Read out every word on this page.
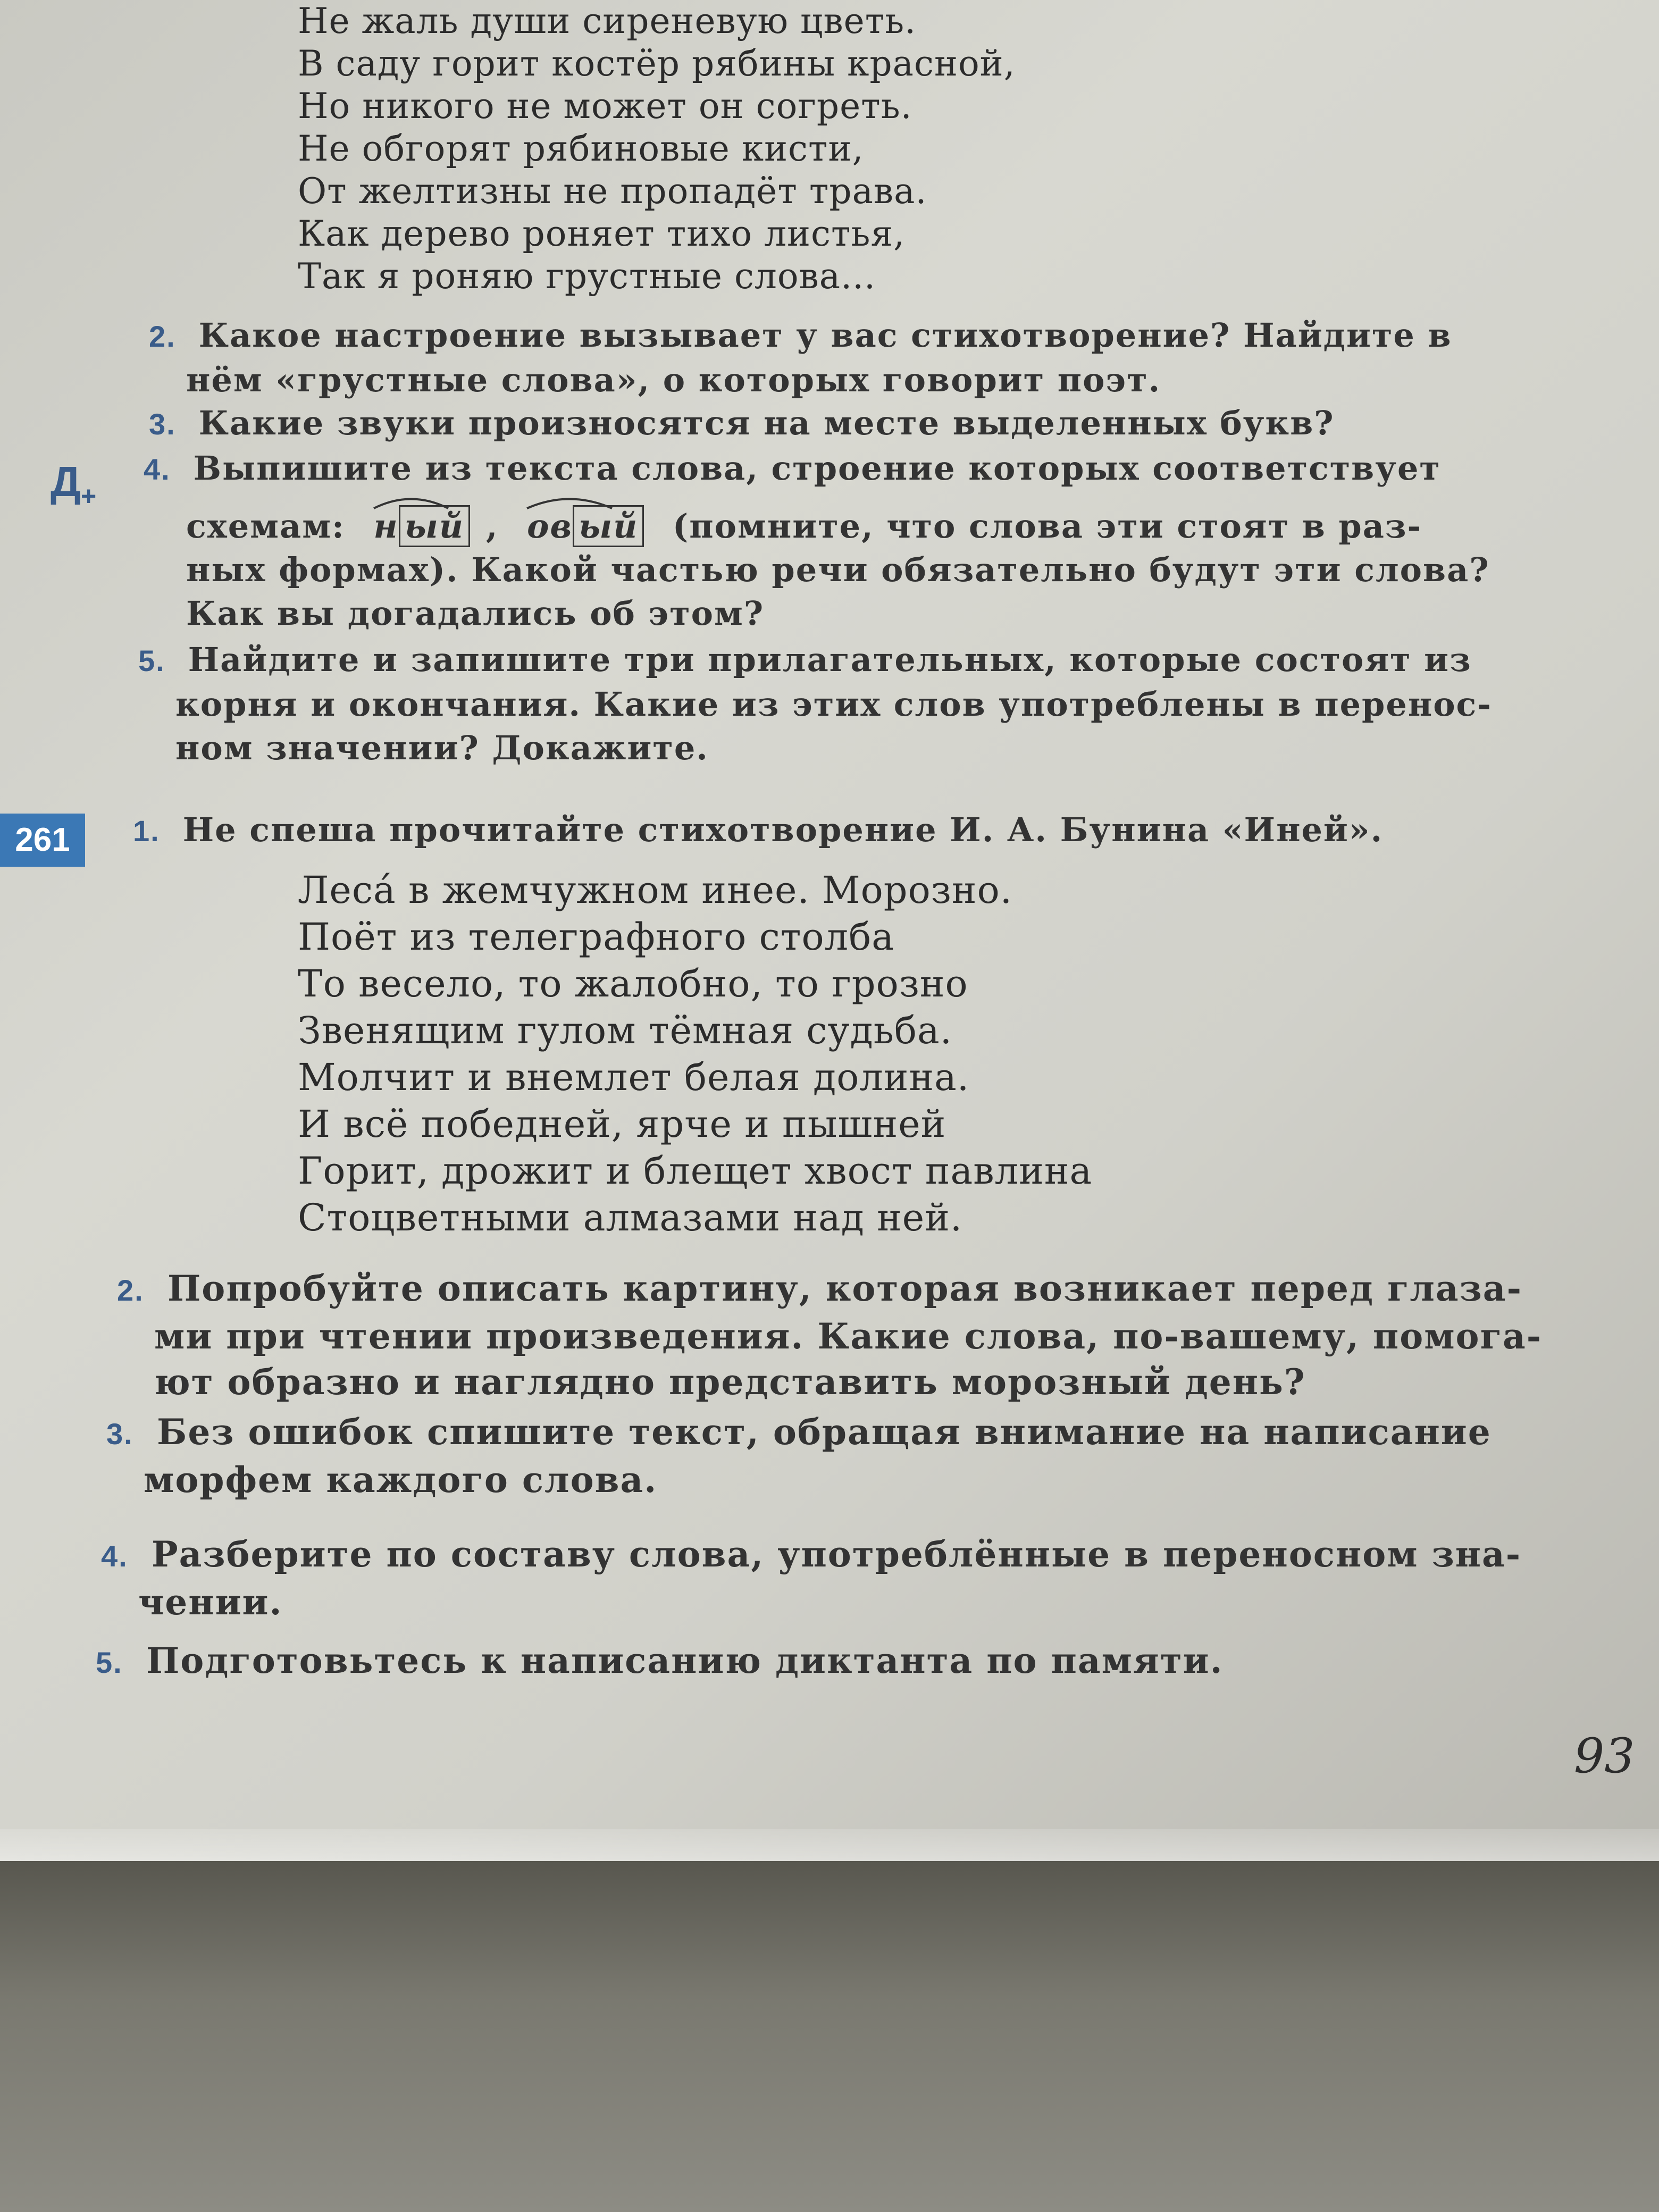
Не жаль души сиреневую цветь.
В саду горит костёр рябины красной,
Но никого не может он согреть.
Не обгорят рябиновые кисти,
От желтизны не пропадёт трава.
Как дерево роняет тихо листья,
Так я роняю грустные слова...
2. Какое настроение вызывает у вас стихотворение? Найдите в
нём «грустные слова», о которых говорит поэт.
3. Какие звуки произносятся на месте выделенных букв?
$Д_+$
4. Выпишите из текста слова, строение которых соответствует

схемам: н ый ,
ов ый (помните, что слова эти стоят в раз-
ных формах). Какой частью речи обязательно будут эти слова?
Как вы догадались об этом?
5. Найдите и запишите три прилагательных, которые состоят из
корня и окончания. Какие из этих слов употреблены в перенос-
ном значении? Докажите.
261	1. Не спеша прочитайте стихотворение И. А. Бунина «Иней».
Леса́ в жемчужном инее. Морозно.
Поёт из телеграфного столба
То весело, то жалобно, то грозно
Звенящим гулом тёмная судьба.
Молчит и внемлет белая долина.
И всё победней, ярче и пышней
Горит, дрожит и блещет хвост павлина
Стоцветными алмазами над ней.
2. Попробуйте описать картину, которая возникает перед глаза-
ми при чтении произведения. Какие слова, по-вашему, помога-
ют образно и наглядно представить морозный день?
3. Без ошибок спишите текст, обращая внимание на написание
морфем каждого слова.
4. Разберите по составу слова, употреблённые в переносном зна-
чении.
5. Подготовьтесь к написанию диктанта по памяти.
93
